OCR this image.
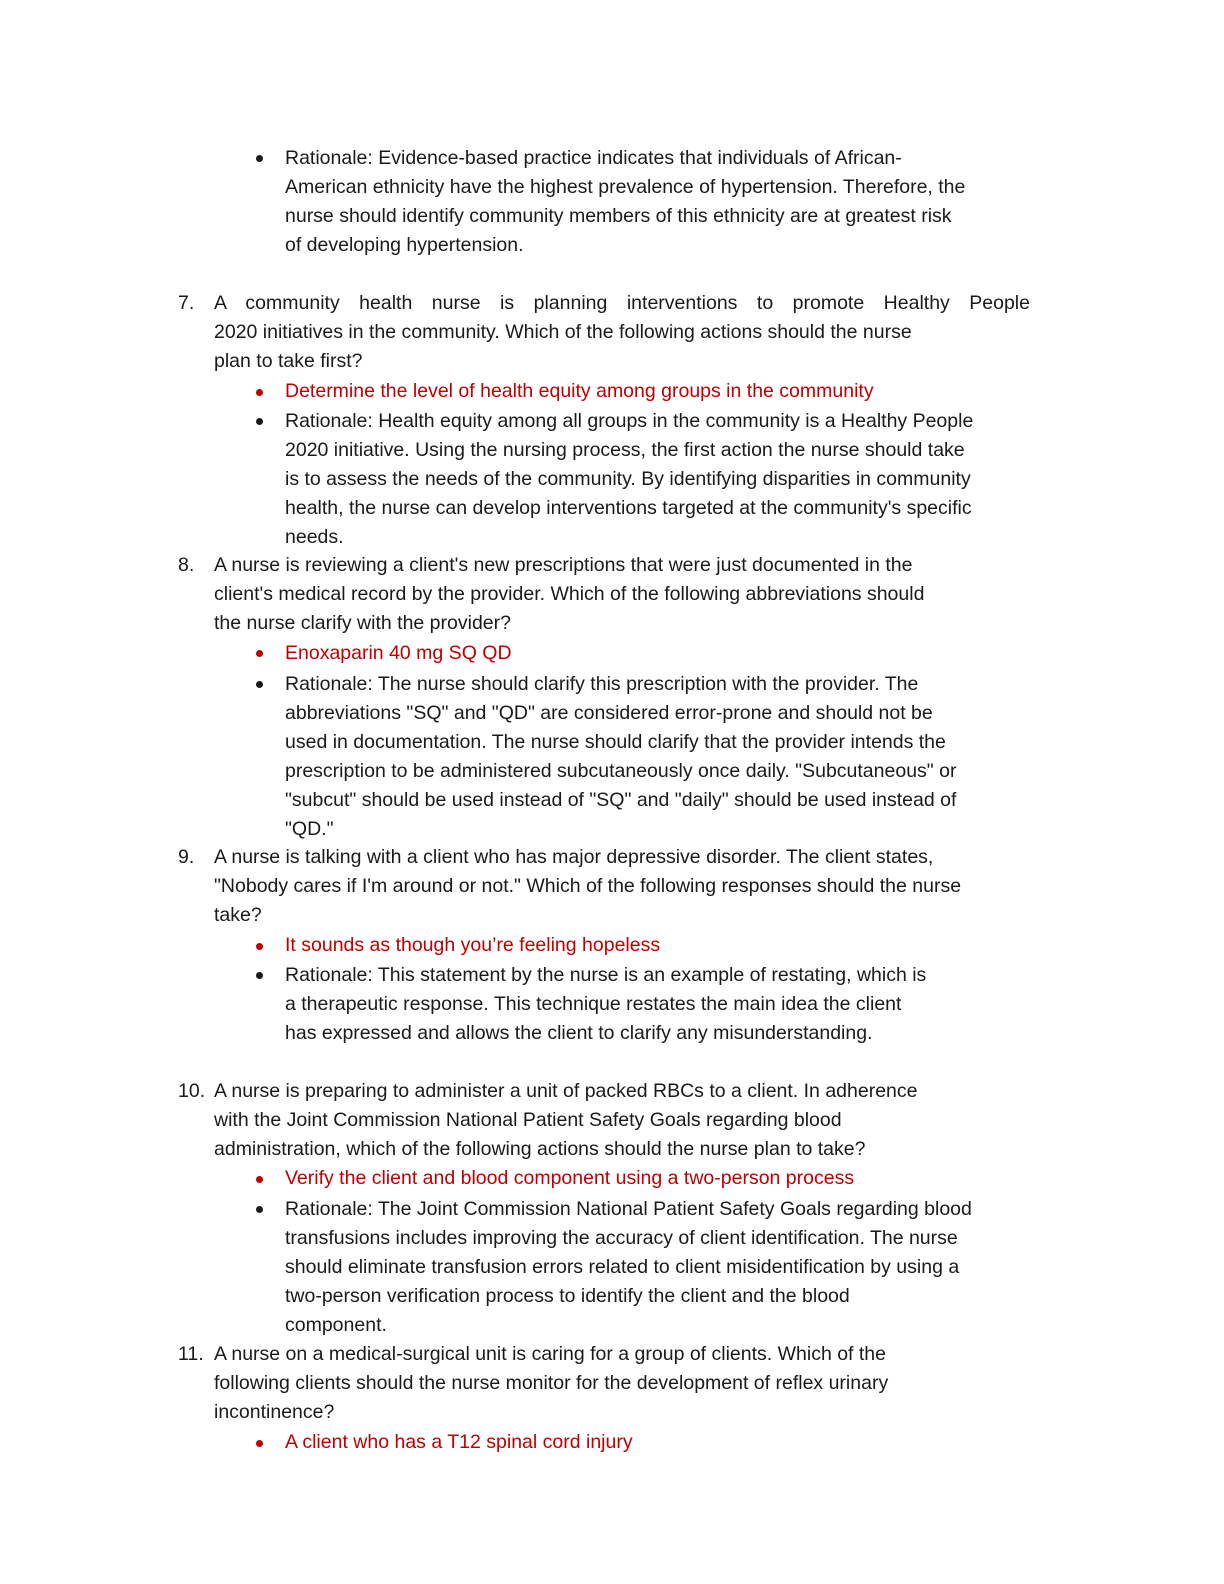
Rationale: Evidence-based practice indicates that individuals of African-
American ethnicity have the highest prevalence of hypertension. Therefore, the
nurse should identify community members of this ethnicity are at greatest risk
of developing hypertension.
7. A community health nurse is planning interventions to promote Healthy People
2020 initiatives in the community. Which of the following actions should the nurse
plan to take first?
Determine the level of health equity among groups in the community
Rationale: Health equity among all groups in the community is a Healthy People
2020 initiative. Using the nursing process, the first action the nurse should take
is to assess the needs of the community. By identifying disparities in community
health, the nurse can develop interventions targeted at the community's specific
needs.
8. A nurse is reviewing a client's new prescriptions that were just documented in the
client's medical record by the provider. Which of the following abbreviations should
the nurse clarify with the provider?
Enoxaparin 40 mg SQ QD
Rationale: The nurse should clarify this prescription with the provider. The
abbreviations "SQ" and "QD" are considered error-prone and should not be
used in documentation. The nurse should clarify that the provider intends the
prescription to be administered subcutaneously once daily. "Subcutaneous" or
"subcut" should be used instead of "SQ" and "daily" should be used instead of
"QD."
9. A nurse is talking with a client who has major depressive disorder. The client states,
"Nobody cares if I'm around or not." Which of the following responses should the nurse
take?
It sounds as though you’re feeling hopeless
Rationale: This statement by the nurse is an example of restating, which is
a therapeutic response. This technique restates the main idea the client
has expressed and allows the client to clarify any misunderstanding.
10. A nurse is preparing to administer a unit of packed RBCs to a client. In adherence
with the Joint Commission National Patient Safety Goals regarding blood
administration, which of the following actions should the nurse plan to take?
Verify the client and blood component using a two-person process
Rationale: The Joint Commission National Patient Safety Goals regarding blood
transfusions includes improving the accuracy of client identification. The nurse
should eliminate transfusion errors related to client misidentification by using a
two-person verification process to identify the client and the blood
component.
11. A nurse on a medical-surgical unit is caring for a group of clients. Which of the
following clients should the nurse monitor for the development of reflex urinary
incontinence?
A client who has a T12 spinal cord injury
